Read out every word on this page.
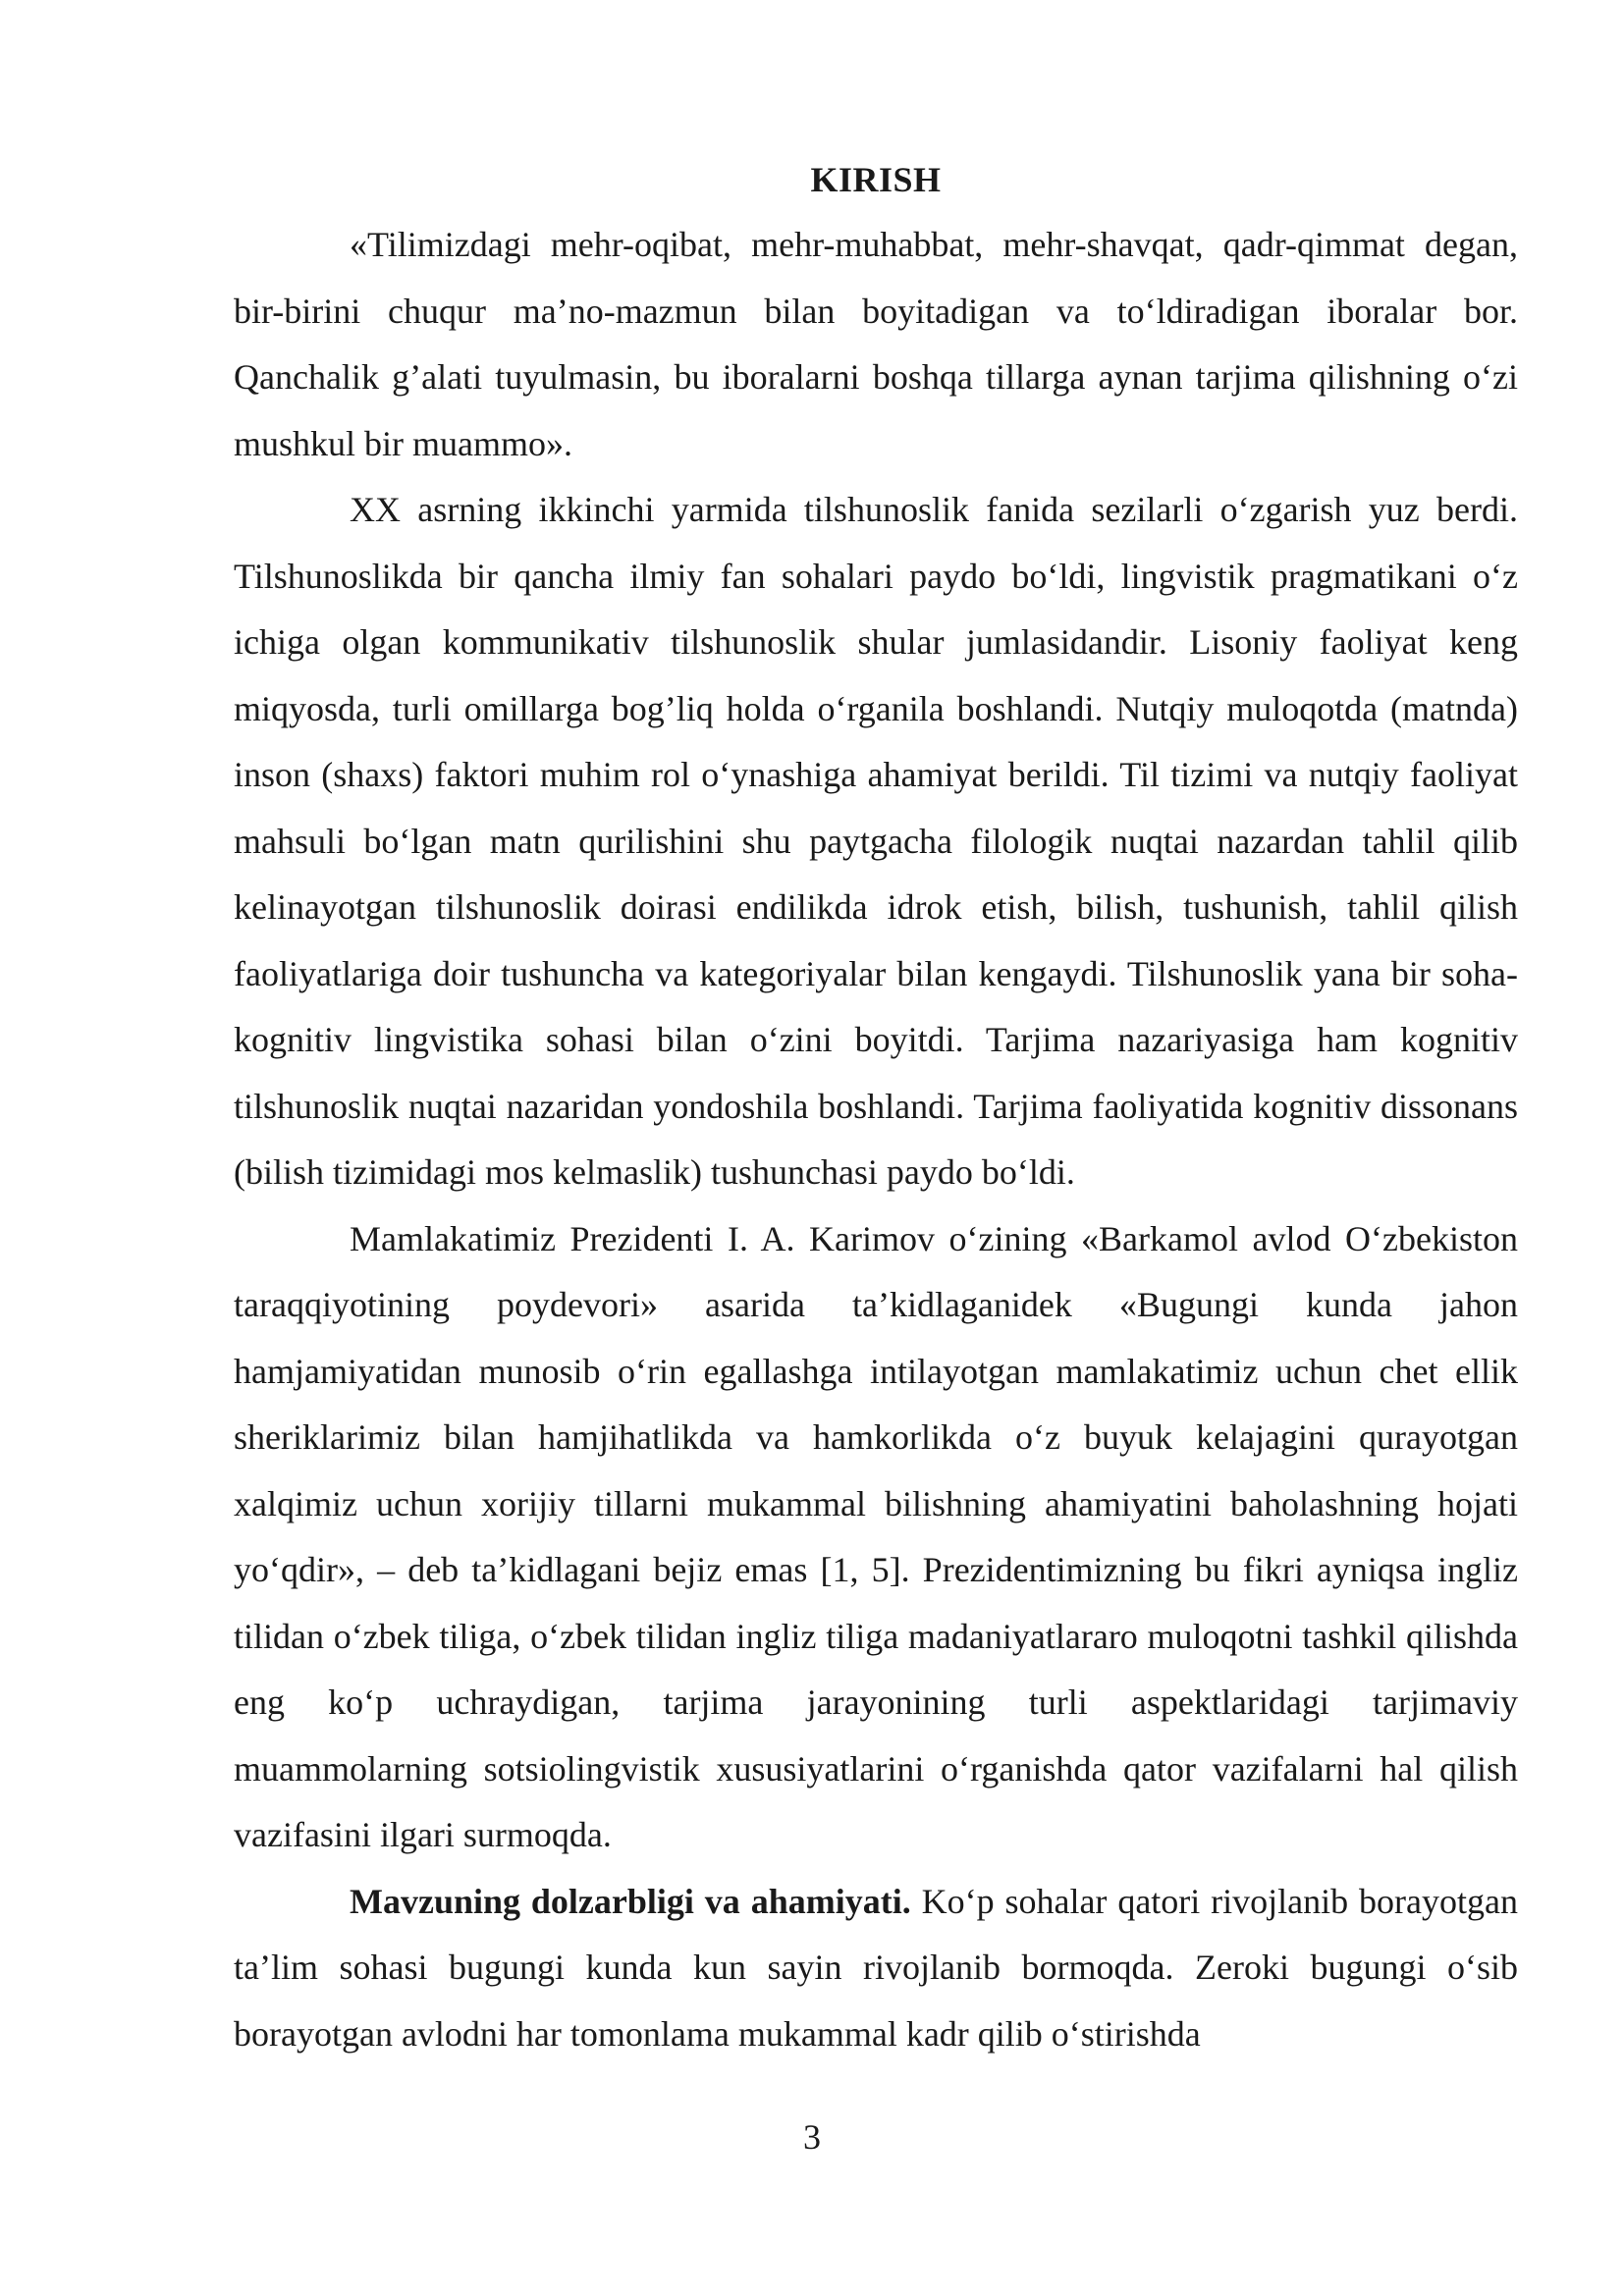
KIRISH

«Tilimizdagi mehr-oqibat, mehr-muhabbat, mehr-shavqat, qadr-qimmat degan, bir-birini chuqur ma’no-mazmun bilan boyitadigan va to‘ldiradigan iboralar bor. Qanchalik g’alati tuyulmasin, bu iboralarni boshqa tillarga aynan tarjima qilishning o‘zi mushkul bir muammo».

XX asrning ikkinchi yarmida tilshunoslik fanida sezilarli o‘zgarish yuz berdi. Tilshunoslikda bir qancha ilmiy fan sohalari paydo bo‘ldi, lingvistik pragmatikani o‘z ichiga olgan kommunikativ tilshunoslik shular jumlasidandir. Lisoniy faoliyat keng miqyosda, turli omillarga bog’liq holda o‘rganila boshlandi. Nutqiy muloqotda (matnda) inson (shaxs) faktori muhim rol o‘ynashiga ahamiyat berildi. Til tizimi va nutqiy faoliyat mahsuli bo‘lgan matn qurilishini shu paytgacha filologik nuqtai nazardan tahlil qilib kelinayotgan tilshunoslik doirasi endilikda idrok etish, bilish, tushunish, tahlil qilish faoliyatlariga doir tushuncha va kategoriyalar bilan kengaydi. Tilshunoslik yana bir soha-kognitiv lingvistika sohasi bilan o‘zini boyitdi. Tarjima nazariyasiga ham kognitiv tilshunoslik nuqtai nazaridan yondoshila boshlandi. Tarjima faoliyatida kognitiv dissonans (bilish tizimidagi mos kelmaslik) tushunchasi paydo bo‘ldi.

Mamlakatimiz Prezidenti I. A. Karimov o‘zining «Barkamol avlod O‘zbekiston taraqqiyotining poydevori» asarida ta’kidlaganidek «Bugungi kunda jahon hamjamiyatidan munosib o‘rin egallashga intilayotgan mamlakatimiz uchun chet ellik sheriklarimiz bilan hamjihatlikda va hamkorlikda o‘z buyuk kelajagini qurayotgan xalqimiz uchun xorijiy tillarni mukammal bilishning ahamiyatini baholashning hojati yo‘qdir», – deb ta’kidlagani bejiz emas [1, 5]. Prezidentimizning bu fikri ayniqsa ingliz tilidan o‘zbek tiliga, o‘zbek tilidan ingliz tiliga madaniyatlararo muloqotni tashkil qilishda eng ko‘p uchraydigan, tarjima jarayonining turli aspektlaridagi tarjimaviy muammolarning sotsiolingvistik xususiyatlarini o‘rganishda qator vazifalarni hal qilish vazifasini ilgari surmoqda.

Mavzuning dolzarbligi va ahamiyati. Ko‘p sohalar qatori rivojlanib borayotgan ta’lim sohasi bugungi kunda kun sayin rivojlanib bormoqda. Zeroki bugungi o‘sib borayotgan avlodni har tomonlama mukammal kadr qilib o‘stirishda

3
